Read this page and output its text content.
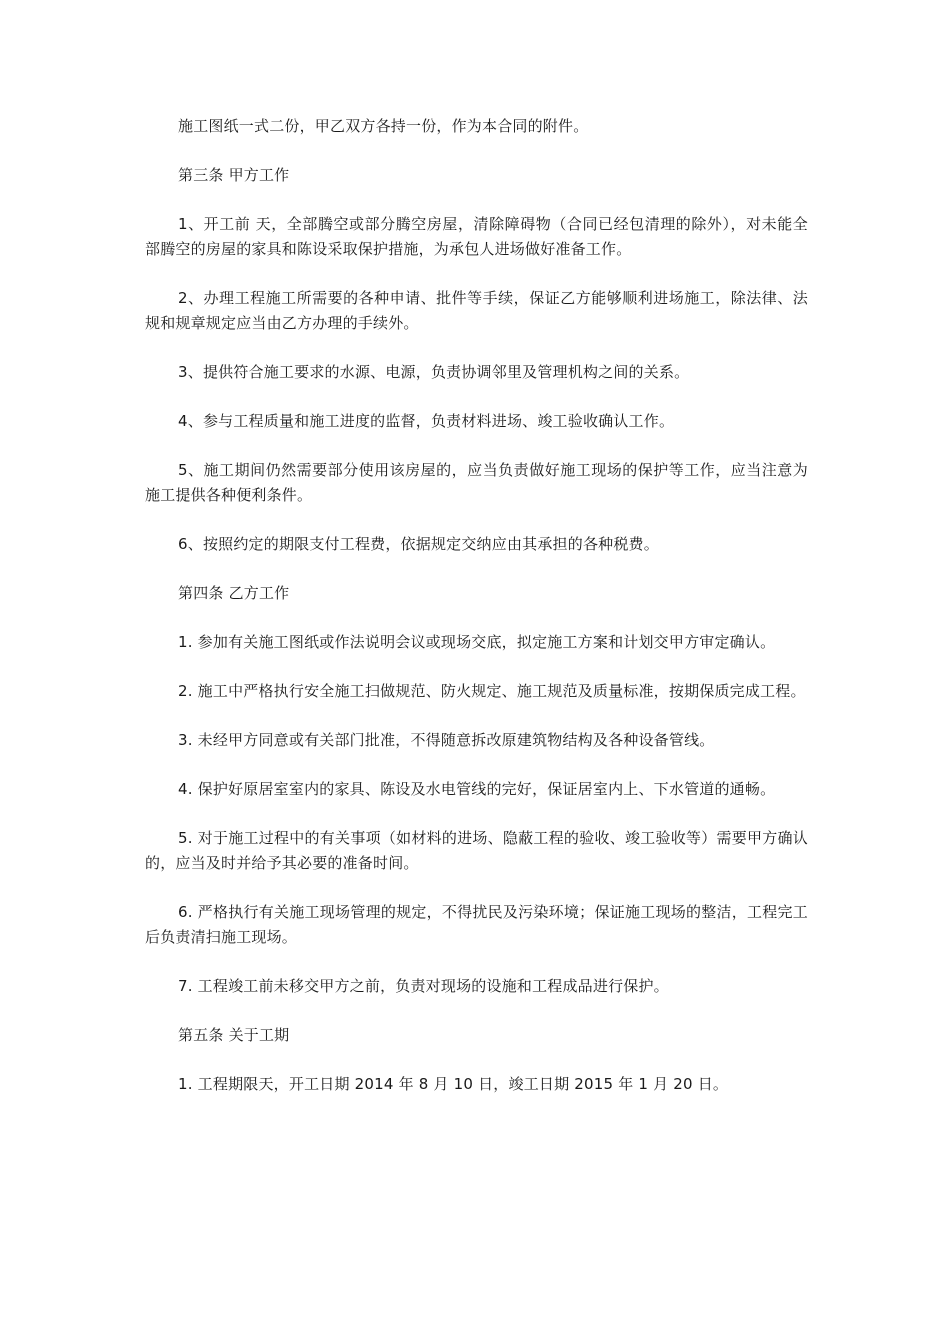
施工图纸一式二份，甲乙双方各持一份，作为本合同的附件。

第三条 甲方工作

1、开工前 天，全部腾空或部分腾空房屋，清除障碍物（合同已经包清理的除外），对未能全部腾空的房屋的家具和陈设采取保护措施，为承包人进场做好准备工作。

2、办理工程施工所需要的各种申请、批件等手续，保证乙方能够顺利进场施工，除法律、法规和规章规定应当由乙方办理的手续外。

3、提供符合施工要求的水源、电源，负责协调邻里及管理机构之间的关系。

4、参与工程质量和施工进度的监督，负责材料进场、竣工验收确认工作。

5、施工期间仍然需要部分使用该房屋的，应当负责做好施工现场的保护等工作，应当注意为施工提供各种便利条件。

6、按照约定的期限支付工程费，依据规定交纳应由其承担的各种税费。

第四条 乙方工作

1. 参加有关施工图纸或作法说明会议或现场交底，拟定施工方案和计划交甲方审定确认。

2. 施工中严格执行安全施工扫做规范、防火规定、施工规范及质量标准，按期保质完成工程。

3. 未经甲方同意或有关部门批准，不得随意拆改原建筑物结构及各种设备管线。

4. 保护好原居室室内的家具、陈设及水电管线的完好，保证居室内上、下水管道的通畅。

5. 对于施工过程中的有关事项（如材料的进场、隐蔽工程的验收、竣工验收等）需要甲方确认的，应当及时并给予其必要的准备时间。

6. 严格执行有关施工现场管理的规定，不得扰民及污染环境；保证施工现场的整洁，工程完工后负责清扫施工现场。

7. 工程竣工前未移交甲方之前，负责对现场的设施和工程成品进行保护。

第五条 关于工期

1. 工程期限天，开工日期 2014 年 8 月 10 日，竣工日期 2015 年 1 月 20 日。
